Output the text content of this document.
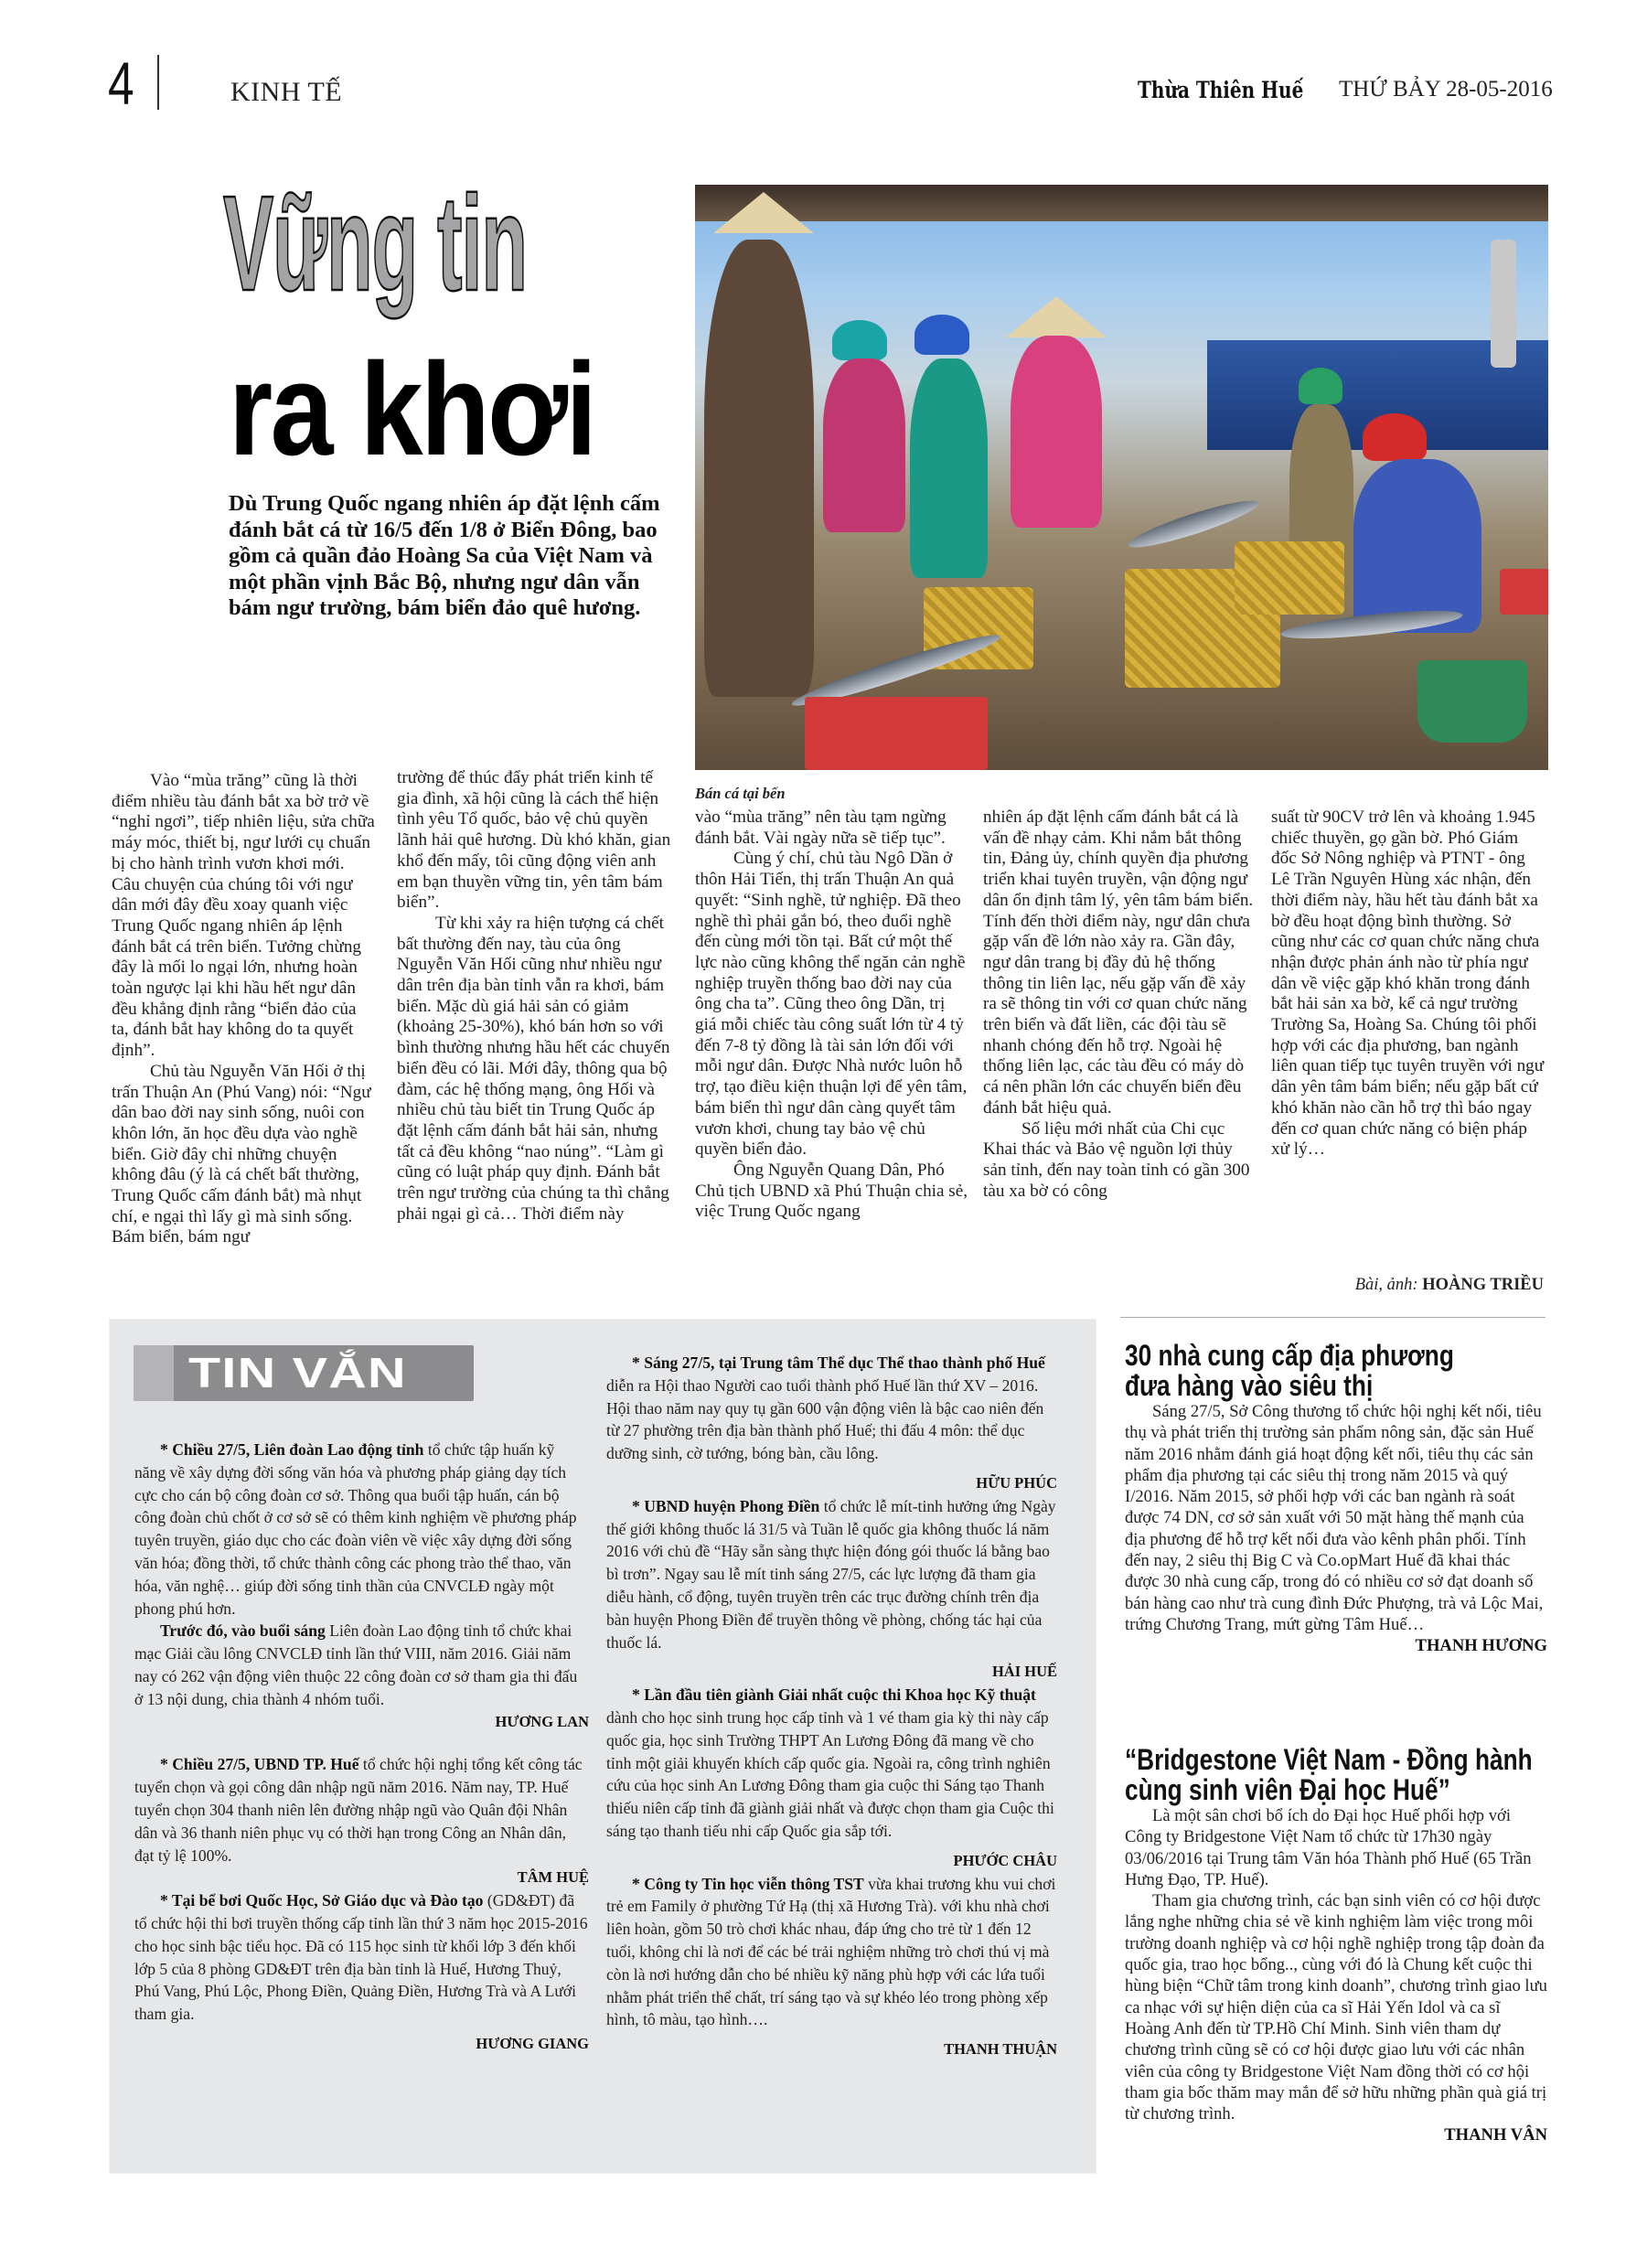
4	KINH TẾ	Thừa Thiên Huế THỨ BẢY 28-05-2016
Vững tin
ra khơi
Dù Trung Quốc ngang nhiên áp đặt lệnh cấm đánh bắt cá từ 16/5 đến 1/8 ở Biển Đông, bao gồm cả quần đảo Hoàng Sa của Việt Nam và một phần vịnh Bắc Bộ, nhưng ngư dân vẫn bám ngư trường, bám biển đảo quê hương.
Bán cá tại bến

Vào “mùa trăng” cũng là thời điểm nhiều tàu đánh bắt xa bờ trở về “nghỉ ngơi”, tiếp nhiên liệu, sửa chữa máy móc, thiết bị, ngư lưới cụ chuẩn bị cho hành trình vươn khơi mới. Câu chuyện của chúng tôi với ngư dân mới đây đều xoay quanh việc Trung Quốc ngang nhiên áp lệnh đánh bắt cá trên biển. Tưởng chừng đây là mối lo ngại lớn, nhưng hoàn toàn ngược lại khi hầu hết ngư dân đều khẳng định rằng “biển đảo của ta, đánh bắt hay không do ta quyết định”.

Chủ tàu Nguyễn Văn Hối ở thị trấn Thuận An (Phú Vang) nói: “Ngư dân bao đời nay sinh sống, nuôi con khôn lớn, ăn học đều dựa vào nghề biển. Giờ đây chỉ những chuyện không đâu (ý là cá chết bất thường, Trung Quốc cấm đánh bắt) mà nhụt chí, e ngại thì lấy gì mà sinh sống. Bám biển, bám ngư

trường để thúc đẩy phát triển kinh tế gia đình, xã hội cũng là cách thể hiện tình yêu Tổ quốc, bảo vệ chủ quyền lãnh hải quê hương. Dù khó khăn, gian khổ đến mấy, tôi cũng động viên anh em bạn thuyền vững tin, yên tâm bám biển”.

Từ khi xảy ra hiện tượng cá chết bất thường đến nay, tàu của ông Nguyễn Văn Hối cũng như nhiều ngư dân trên địa bàn tỉnh vẫn ra khơi, bám biển. Mặc dù giá hải sản có giảm (khoảng 25-30%), khó bán hơn so với bình thường nhưng hầu hết các chuyến biển đều có lãi. Mới đây, thông qua bộ đàm, các hệ thống mạng, ông Hối và nhiều chủ tàu biết tin Trung Quốc áp đặt lệnh cấm đánh bắt hải sản, nhưng tất cả đều không “nao núng”. “Làm gì cũng có luật pháp quy định. Đánh bắt trên ngư trường của chúng ta thì chẳng phải ngại gì cả… Thời điểm này

vào “mùa trăng” nên tàu tạm ngừng đánh bắt. Vài ngày nữa sẽ tiếp tục”.

Cùng ý chí, chủ tàu Ngô Dần ở thôn Hải Tiến, thị trấn Thuận An quả quyết: “Sinh nghề, tử nghiệp. Đã theo nghề thì phải gắn bó, theo đuổi nghề đến cùng mới tồn tại. Bất cứ một thế lực nào cũng không thể ngăn cản nghề nghiệp truyền thống bao đời nay của ông cha ta”. Cũng theo ông Dần, trị giá mỗi chiếc tàu công suất lớn từ 4 tỷ đến 7-8 tỷ đồng là tài sản lớn đối với mỗi ngư dân. Được Nhà nước luôn hỗ trợ, tạo điều kiện thuận lợi để yên tâm, bám biển thì ngư dân càng quyết tâm vươn khơi, chung tay bảo vệ chủ quyền biển đảo.

Ông Nguyễn Quang Dân, Phó Chủ tịch UBND xã Phú Thuận chia sẻ, việc Trung Quốc ngang

nhiên áp đặt lệnh cấm đánh bắt cá là vấn đề nhạy cảm. Khi nắm bắt thông tin, Đảng ủy, chính quyền địa phương triển khai tuyên truyền, vận động ngư dân ổn định tâm lý, yên tâm bám biển. Tính đến thời điểm này, ngư dân chưa gặp vấn đề lớn nào xảy ra. Gần đây, ngư dân trang bị đầy đủ hệ thống thông tin liên lạc, nếu gặp vấn đề xảy ra sẽ thông tin với cơ quan chức năng trên biển và đất liền, các đội tàu sẽ nhanh chóng đến hỗ trợ. Ngoài hệ thống liên lạc, các tàu đều có máy dò cá nên phần lớn các chuyến biển đều đánh bắt hiệu quả.

Số liệu mới nhất của Chi cục Khai thác và Bảo vệ nguồn lợi thủy sản tỉnh, đến nay toàn tỉnh có gần 300 tàu xa bờ có công

suất từ 90CV trở lên và khoảng 1.945 chiếc thuyền, gọ gần bờ. Phó Giám đốc Sở Nông nghiệp và PTNT - ông Lê Trần Nguyên Hùng xác nhận, đến thời điểm này, hầu hết tàu đánh bắt xa bờ đều hoạt động bình thường. Sở cũng như các cơ quan chức năng chưa nhận được phản ánh nào từ phía ngư dân về việc gặp khó khăn trong đánh bắt hải sản xa bờ, kể cả ngư trường Trường Sa, Hoàng Sa. Chúng tôi phối hợp với các địa phương, ban ngành liên quan tiếp tục tuyên truyền với ngư dân yên tâm bám biển; nếu gặp bất cứ khó khăn nào cần hỗ trợ thì báo ngay đến cơ quan chức năng có biện pháp xử lý…

Bài, ảnh: HOÀNG TRIỀU
TIN VẮN

* Chiều 27/5, Liên đoàn Lao động tỉnh tổ chức tập huấn kỹ năng về xây dựng đời sống văn hóa và phương pháp giảng dạy tích cực cho cán bộ công đoàn cơ sở. Thông qua buổi tập huấn, cán bộ công đoàn chủ chốt ở cơ sở sẽ có thêm kinh nghiệm về phương pháp tuyên truyền, giáo dục cho các đoàn viên về việc xây dựng đời sống văn hóa; đồng thời, tổ chức thành công các phong trào thể thao, văn hóa, văn nghệ… giúp đời sống tinh thần của CNVCLĐ ngày một phong phú hơn.

Trước đó, vào buổi sáng Liên đoàn Lao động tỉnh tổ chức khai mạc Giải cầu lông CNVCLĐ tỉnh lần thứ VIII, năm 2016. Giải năm nay có 262 vận động viên thuộc 22 công đoàn cơ sở tham gia thi đấu ở 13 nội dung, chia thành 4 nhóm tuổi.

HƯƠNG LAN

* Chiều 27/5, UBND TP. Huế tổ chức hội nghị tổng kết công tác tuyển chọn và gọi công dân nhập ngũ năm 2016. Năm nay, TP. Huế tuyển chọn 304 thanh niên lên đường nhập ngũ vào Quân đội Nhân dân và 36 thanh niên phục vụ có thời hạn trong Công an Nhân dân, đạt tỷ lệ 100%.

TÂM HUỆ

* Tại bể bơi Quốc Học, Sở Giáo dục và Đào tạo (GD&ĐT) đã tổ chức hội thi bơi truyền thống cấp tỉnh lần thứ 3 năm học 2015-2016 cho học sinh bậc tiểu học. Đã có 115 học sinh từ khối lớp 3 đến khối lớp 5 của 8 phòng GD&ĐT trên địa bàn tỉnh là Huế, Hương Thuỷ, Phú Vang, Phú Lộc, Phong Điền, Quảng Điền, Hương Trà và A Lưới tham gia.

HƯƠNG GIANG

* Sáng 27/5, tại Trung tâm Thể dục Thể thao thành phố Huế diễn ra Hội thao Người cao tuổi thành phố Huế lần thứ XV – 2016. Hội thao năm nay quy tụ gần 600 vận động viên là bậc cao niên đến từ 27 phường trên địa bàn thành phố Huế; thi đấu 4 môn: thể dục dưỡng sinh, cờ tướng, bóng bàn, cầu lông.

HỮU PHÚC

* UBND huyện Phong Điền tổ chức lễ mít-tinh hưởng ứng Ngày thế giới không thuốc lá 31/5 và Tuần lễ quốc gia không thuốc lá năm 2016 với chủ đề “Hãy sẵn sàng thực hiện đóng gói thuốc lá bằng bao bì trơn”. Ngay sau lễ mít tinh sáng 27/5, các lực lượng đã tham gia diễu hành, cổ động, tuyên truyền trên các trục đường chính trên địa bàn huyện Phong Điền để truyền thông về phòng, chống tác hại của thuốc lá.

HẢI HUẾ

* Lần đầu tiên giành Giải nhất cuộc thi Khoa học Kỹ thuật dành cho học sinh trung học cấp tỉnh và 1 vé tham gia kỳ thi này cấp quốc gia, học sinh Trường THPT An Lương Đông đã mang về cho tỉnh một giải khuyến khích cấp quốc gia. Ngoài ra, công trình nghiên cứu của học sinh An Lương Đông tham gia cuộc thi Sáng tạo Thanh thiếu niên cấp tỉnh đã giành giải nhất và được chọn tham gia Cuộc thi sáng tạo thanh tiếu nhi cấp Quốc gia sắp tới.

PHƯỚC CHÂU

* Công ty Tin học viễn thông TST vừa khai trương khu vui chơi trẻ em Family ở phường Tứ Hạ (thị xã Hương Trà). với khu nhà chơi liên hoàn, gồm 50 trò chơi khác nhau, đáp ứng cho trẻ từ 1 đến 12 tuổi, không chỉ là nơi để các bé trải nghiệm những trò chơi thú vị mà còn là nơi hướng dẫn cho bé nhiều kỹ năng phù hợp với các lứa tuổi nhằm phát triển thể chất, trí sáng tạo và sự khéo léo trong phòng xếp hình, tô màu, tạo hình….

THANH THUẬN

30 nhà cung cấp địa phương
đưa hàng vào siêu thị

Sáng 27/5, Sở Công thương tổ chức hội nghị kết nối, tiêu thụ và phát triển thị trường sản phẩm nông sản, đặc sản Huế năm 2016 nhằm đánh giá hoạt động kết nối, tiêu thụ các sản phẩm địa phương tại các siêu thị trong năm 2015 và quý I/2016. Năm 2015, sở phối hợp với các ban ngành rà soát được 74 DN, cơ sở sản xuất với 50 mặt hàng thế mạnh của địa phương để hỗ trợ kết nối đưa vào kênh phân phối. Tính đến nay, 2 siêu thị Big C và Co.opMart Huế đã khai thác được 30 nhà cung cấp, trong đó có nhiều cơ sở đạt doanh số bán hàng cao như trà cung đình Đức Phượng, trà vả Lộc Mai, trứng Chương Trang, mứt gừng Tâm Huế…

THANH HƯƠNG

“Bridgestone Việt Nam - Đồng hành
cùng sinh viên Đại học Huế”

Là một sân chơi bổ ích do Đại học Huế phối hợp với Công ty Bridgestone Việt Nam tổ chức từ 17h30 ngày 03/06/2016 tại Trung tâm Văn hóa Thành phố Huế (65 Trần Hưng Đạo, TP. Huế).

Tham gia chương trình, các bạn sinh viên có cơ hội được lắng nghe những chia sẻ về kinh nghiệm làm việc trong môi trường doanh nghiệp và cơ hội nghề nghiệp trong tập đoàn đa quốc gia, trao học bổng.., cùng với đó là Chung kết cuộc thi hùng biện “Chữ tâm trong kinh doanh”, chương trình giao lưu ca nhạc với sự hiện diện của ca sĩ Hải Yến Idol và ca sĩ Hoàng Anh đến từ TP.Hồ Chí Minh. Sinh viên tham dự chương trình cũng sẽ có cơ hội được giao lưu với các nhân viên của công ty Bridgestone Việt Nam đồng thời có cơ hội tham gia bốc thăm may mắn để sở hữu những phần quà giá trị từ chương trình.

THANH VÂN
